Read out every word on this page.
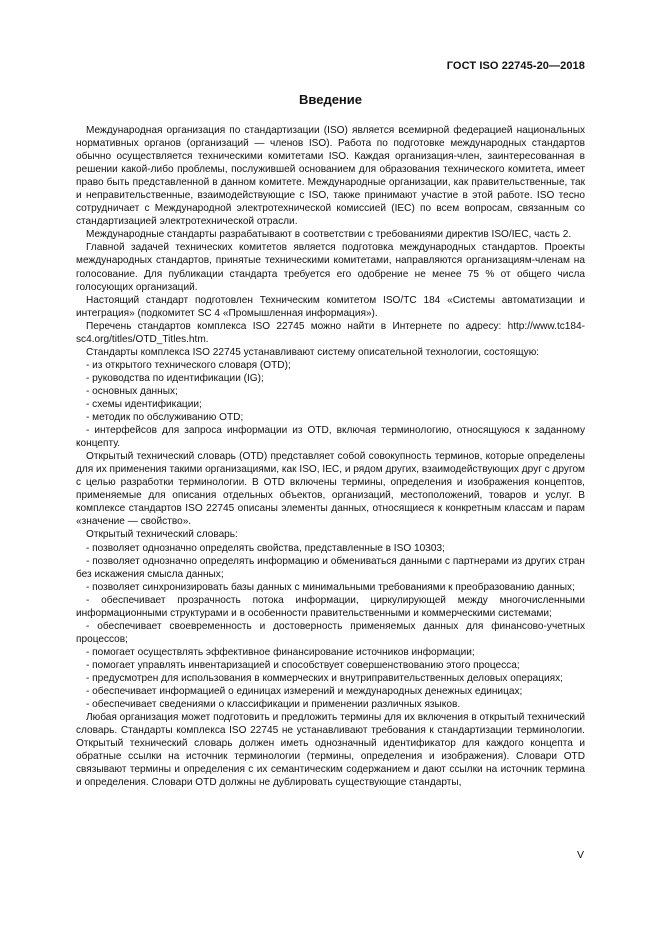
ГОСТ ISO 22745-20—2018
Введение

Международная организация по стандартизации (ISO) является всемирной федерацией национальных нормативных органов (организаций — членов ISO). Работа по подготовке международных стандартов обычно осуществляется техническими комитетами ISO. Каждая организация-член, заинтересованная в решении какой-либо проблемы, послужившей основанием для образования технического комитета, имеет право быть представленной в данном комитете. Международные организации, как правительственные, так и неправительственные, взаимодействующие с ISO, также принимают участие в этой работе. ISO тесно сотрудничает с Международной электротехнической комиссией (IEC) по всем вопросам, связанным со стандартизацией электротехнической отрасли.

Международные стандарты разрабатывают в соответствии с требованиями директив ISO/IEC, часть 2.

Главной задачей технических комитетов является подготовка международных стандартов. Проекты международных стандартов, принятые техническими комитетами, направляются организациям-членам на голосование. Для публикации стандарта требуется его одобрение не менее 75 % от общего числа голосующих организаций.

Настоящий стандарт подготовлен Техническим комитетом ISO/TC 184 «Системы автоматизации и интеграция» (подкомитет SC 4 «Промышленная информация»).

Перечень стандартов комплекса ISO 22745 можно найти в Интернете по адресу: http://www.tc184-sc4.org/titles/OTD_Titles.htm.

Стандарты комплекса ISO 22745 устанавливают систему описательной технологии, состоящую:

- из открытого технического словаря (OTD);

- руководства по идентификации (IG);

- основных данных;

- схемы идентификации;

- методик по обслуживанию OTD;

- интерфейсов для запроса информации из OTD, включая терминологию, относящуюся к заданному концепту.

Открытый технический словарь (OTD) представляет собой совокупность терминов, которые определены для их применения такими организациями, как ISO, IEC, и рядом других, взаимодействующих друг с другом с целью разработки терминологии. В OTD включены термины, определения и изображения концептов, применяемые для описания отдельных объектов, организаций, местоположений, товаров и услуг. В комплексе стандартов ISO 22745 описаны элементы данных, относящиеся к конкретным классам и парам «значение — свойство».

Открытый технический словарь:

- позволяет однозначно определять свойства, представленные в ISO 10303;

- позволяет однозначно определять информацию и обмениваться данными с партнерами из других стран без искажения смысла данных;

- позволяет синхронизировать базы данных с минимальными требованиями к преобразованию данных;

- обеспечивает прозрачность потока информации, циркулирующей между многочисленными информационными структурами и в особенности правительственными и коммерческими системами;

- обеспечивает своевременность и достоверность применяемых данных для финансово-учетных процессов;

- помогает осуществлять эффективное финансирование источников информации;

- помогает управлять инвентаризацией и способствует совершенствованию этого процесса;

- предусмотрен для использования в коммерческих и внутриправительственных деловых операциях;

- обеспечивает информацией о единицах измерений и международных денежных единицах;

- обеспечивает сведениями о классификации и применении различных языков.

Любая организация может подготовить и предложить термины для их включения в открытый технический словарь. Стандарты комплекса ISO 22745 не устанавливают требования к стандартизации терминологии. Открытый технический словарь должен иметь однозначный идентификатор для каждого концепта и обратные ссылки на источник терминологии (термины, определения и изображения). Словари OTD связывают термины и определения с их семантическим содержанием и дают ссылки на источник термина и определения. Словари OTD должны не дублировать существующие стандарты,

V
